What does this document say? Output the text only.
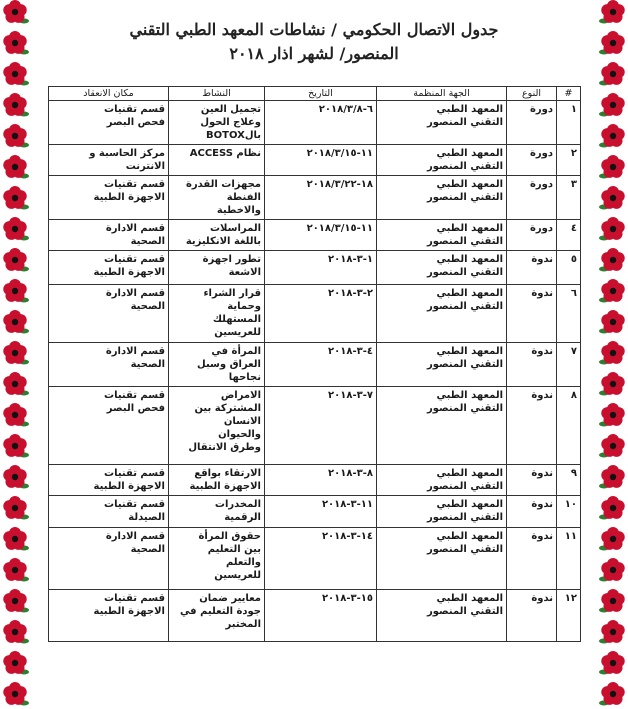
جدول الاتصال الحكومي / نشاطات المعهد الطبي التقني
المنصور/ لشهر اذار ٢٠١٨
#	النوع	الجهة المنظمة	التاريخ	النشاط	مكان الانعقاد
١	دورة	المعهد الطبي
التقني المنصور	٦-٢٠١٨/٣/٨	تجميل العين
وعلاج الحول
بالBOTOX	قسم تقنيات
فحص البصر
٢	دورة	المعهد الطبي
التقني المنصور	١١-٢٠١٨/٣/١٥	نظام ACCESS	مركز الحاسبة و
الانترنت
٣	دورة	المعهد الطبي
التقني المنصور	١٨-٢٠١٨/٣/٢٢	مجهزات القدرة
الفنطة
والاخطية	قسم تقنيات
الاجهزة الطبية
٤	دورة	المعهد الطبي
التقني المنصور	١١-٢٠١٨/٣/١٥	المراسلات
باللغة الانكليزية	قسم الادارة
الصحية
٥	ندوة	المعهد الطبي
التقني المنصور	١-٣-٢٠١٨	تطور اجهزة
الاشعة	قسم تقنيات
الاجهزة الطبية
٦	ندوة	المعهد الطبي
التقني المنصور	٢-٣-٢٠١٨	قرار الشراء
وحماية
المستهلك
للعريسين	قسم الادارة
الصحية
٧	ندوة	المعهد الطبي
التقني المنصور	٤-٣-٢٠١٨	المرأة في
العراق وسبل
نجاحها	قسم الادارة
الصحية
٨	ندوة	المعهد الطبي
التقني المنصور	٧-٣-٢٠١٨	الامراض
المشتركة بين
الانسان
والحيوان
وطرق الانتقال	قسم تقنيات
فحص البصر
٩	ندوة	المعهد الطبي
التقني المنصور	٨-٣-٢٠١٨	الارتقاء بواقع
الاجهزة الطبية	قسم تقنيات
الاجهزة الطبية
١٠	ندوة	المعهد الطبي
التقني المنصور	١١-٣-٢٠١٨	المخدرات
الرقمية	قسم تقنيات
الصيدلة
١١	ندوة	المعهد الطبي
التقني المنصور	١٤-٣-٢٠١٨	حقوق المرأة
بين التعليم
والتعلم
للعريسين	قسم الادارة
الصحية
١٢	ندوة	المعهد الطبي
التقني المنصور	١٥-٣-٢٠١٨	معايير ضمان
جودة التعليم في
المختبر	قسم تقنيات
الاجهزة الطبية
